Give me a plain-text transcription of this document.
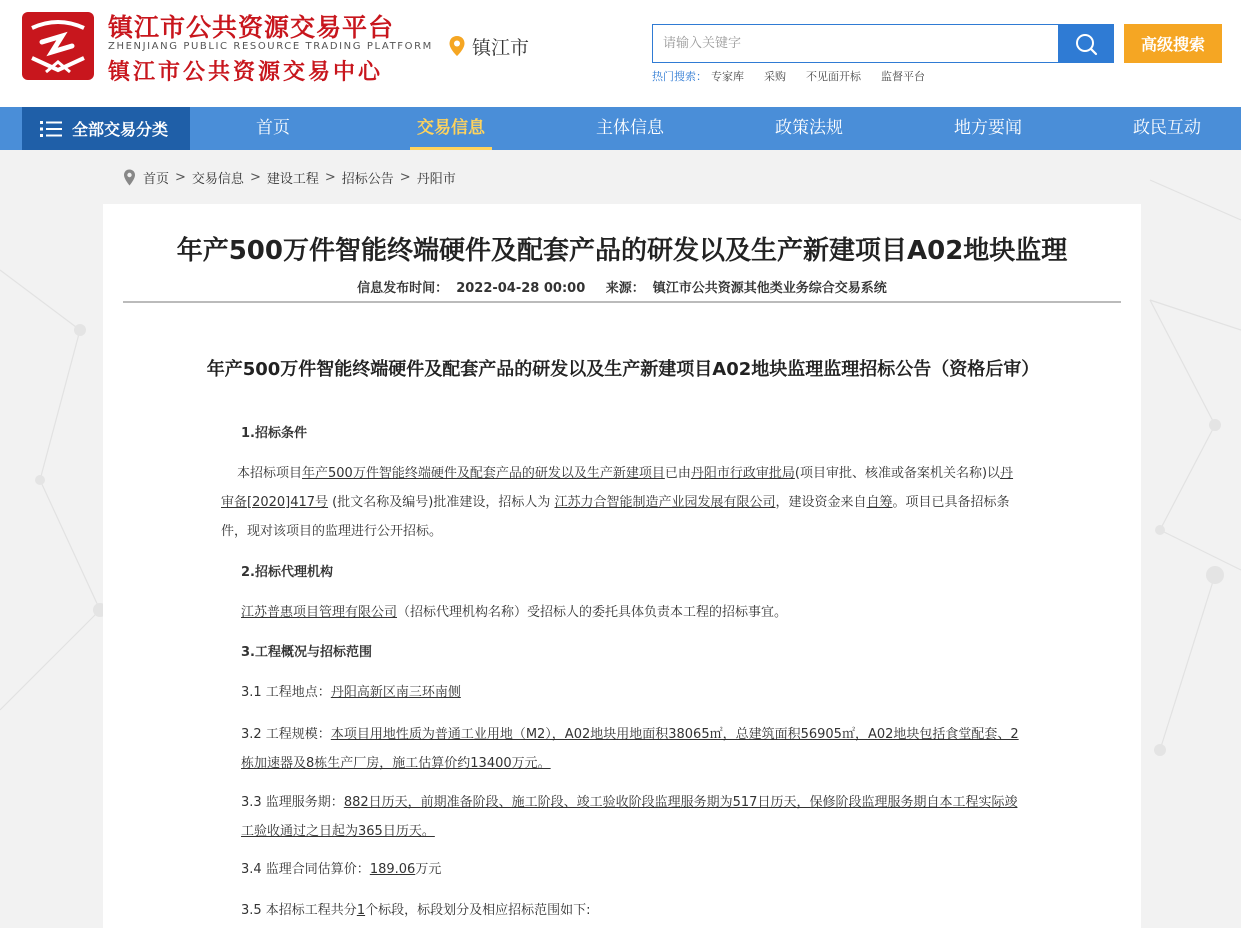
镇江市公共资源交易平台
ZHENJIANG PUBLIC RESOURCE TRADING PLATFORM
镇江市公共资源交易中心
镇江市
请输入关键字	高级搜索
热门搜索： 专家库 采购 不见面开标 监督平台
全部交易分类	首页	交易信息	主体信息	政策法规	地方要闻	政民互动
首页 > 交易信息 > 建设工程 > 招标公告 > 丹阳市
年产500万件智能终端硬件及配套产品的研发以及生产新建项目A02地块监理
信息发布时间： 2022-04-28 00:00 来源： 镇江市公共资源其他类业务综合交易系统
年产500万件智能终端硬件及配套产品的研发以及生产新建项目A02地块监理监理招标公告（资格后审）
1.招标条件
本招标项目年产500万件智能终端硬件及配套产品的研发以及生产新建项目已由丹阳市行政审批局(项目审批、核准或备案机关名称)以丹审备[2020]417号 (批文名称及编号)批准建设，招标人为 江苏力合智能制造产业园发展有限公司，建设资金来自自筹。项目已具备招标条件，现对该项目的监理进行公开招标。
2.招标代理机构
江苏普惠项目管理有限公司（招标代理机构名称）受招标人的委托具体负责本工程的招标事宜。
3.工程概况与招标范围
3.1 工程地点：丹阳高新区南三环南侧
3.2 工程规模：本项目用地性质为普通工业用地（M2），A02地块用地面积38065㎡，总建筑面积56905㎡，A02地块包括食堂配套、2栋加速器及8栋生产厂房，施工估算价约13400万元。
3.3 监理服务期：882日历天，前期准备阶段、施工阶段、竣工验收阶段监理服务期为517日历天，保修阶段监理服务期自本工程实际竣工验收通过之日起为365日历天。
3.4 监理合同估算价：189.06万元
3.5 本招标工程共分1个标段，标段划分及相应招标范围如下:
